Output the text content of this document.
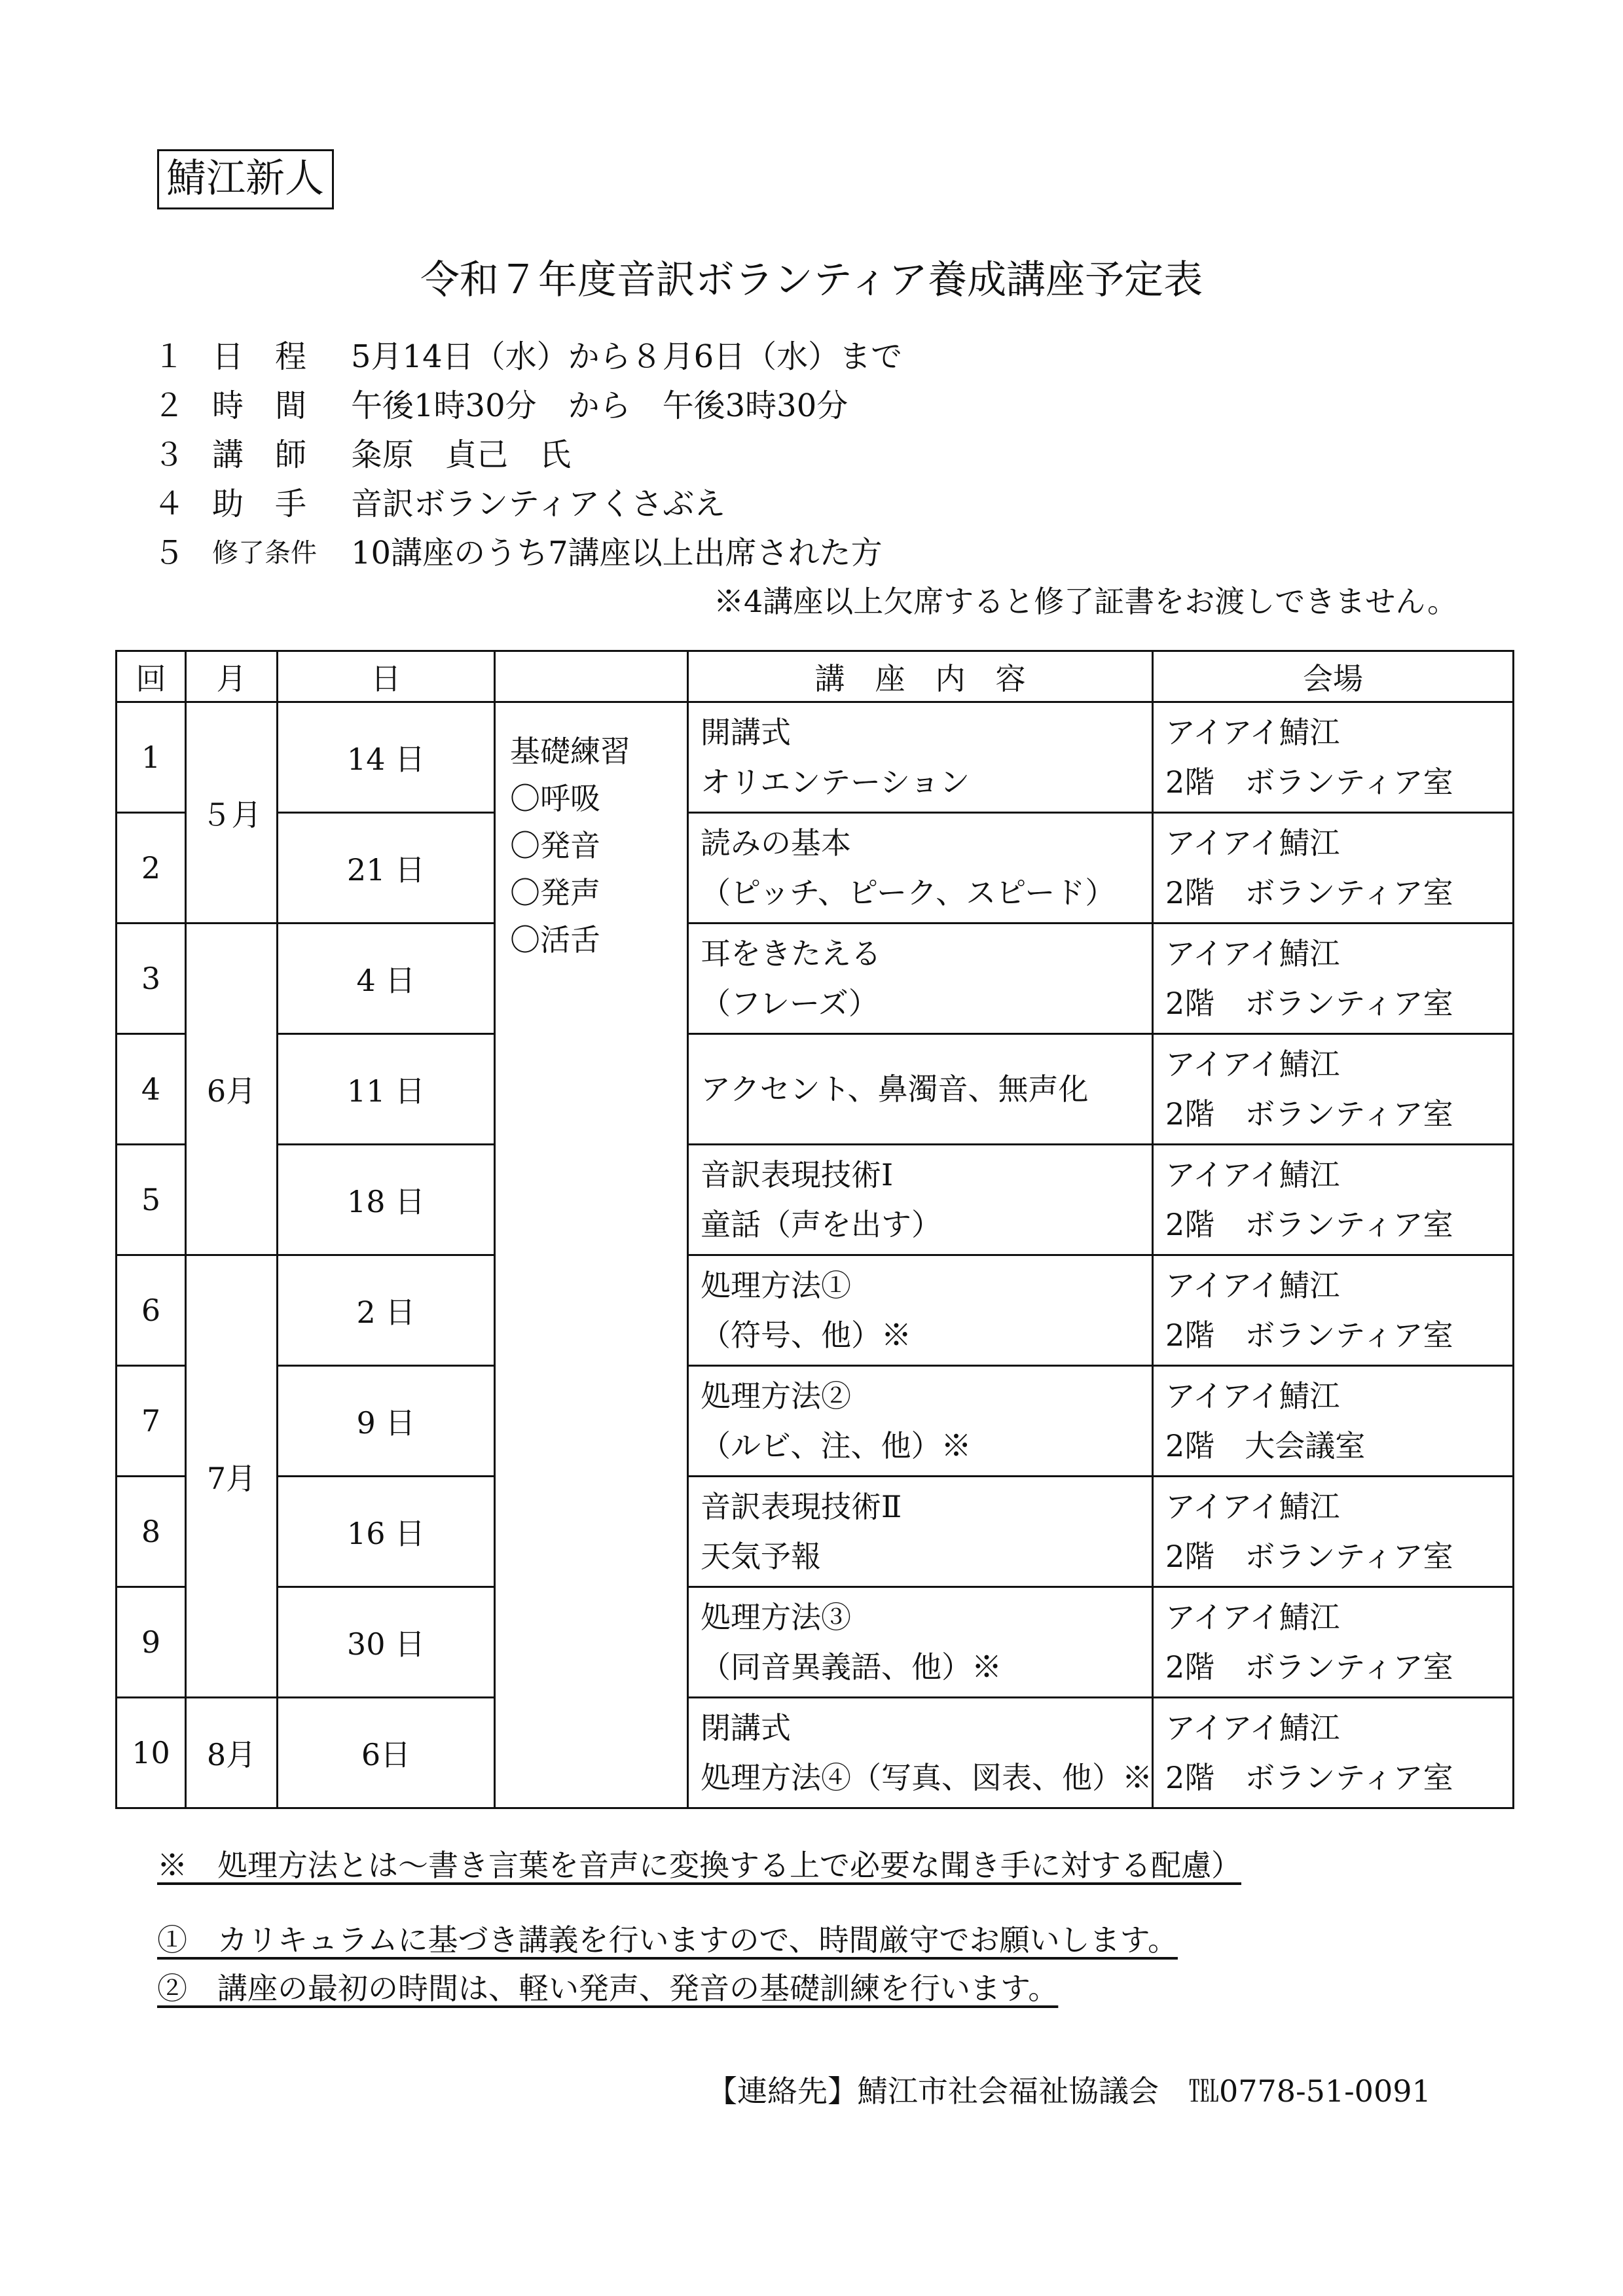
鯖江新人
令和７年度音訳ボランティア養成講座予定表
１ 日　程 5月14日（水）から８月6日（水）まで
２ 時　間 午後1時30分　から　午後3時30分
３ 講　師 粂原　貞己　氏
４ 助　手 音訳ボランティアくさぶえ
５ 修了条件 10講座のうち7講座以上出席された方
※4講座以上欠席すると修了証書をお渡しできません。
回	月	日		講　座　内　容	会場
1	５月	14 日	基礎練習
〇呼吸
〇発音
〇発声
〇活舌	開講式
オリエンテーション	アイアイ鯖江
2階　ボランティア室

2		21 日		読みの基本
（ピッチ、ピーク、スピード）	アイアイ鯖江
2階　ボランティア室

3	6月	4 日		耳をきたえる
（フレーズ）	アイアイ鯖江
2階　ボランティア室

4		11 日		アクセント、鼻濁音、無声化	アイアイ鯖江
2階　ボランティア室

5		18 日		音訳表現技術Ⅰ
童話（声を出す）	アイアイ鯖江
2階　ボランティア室

6	7月	2 日		処理方法①
（符号、他）※	アイアイ鯖江
2階　ボランティア室

7		9 日		処理方法②
（ルビ、注、他）※	アイアイ鯖江
2階　大会議室

8		16 日		音訳表現技術Ⅱ
天気予報	アイアイ鯖江
2階　ボランティア室

9		30 日		処理方法③
（同音異義語、他）※	アイアイ鯖江
2階　ボランティア室

10	8月	6日		閉講式
処理方法④（写真、図表、他）※	アイアイ鯖江
2階　ボランティア室
※　処理方法とは～書き言葉を音声に変換する上で必要な聞き手に対する配慮）
①　カリキュラムに基づき講義を行いますので、時間厳守でお願いします。
②　講座の最初の時間は、軽い発声、発音の基礎訓練を行います。
【連絡先】鯖江市社会福祉協議会　℡0778-51-0091
